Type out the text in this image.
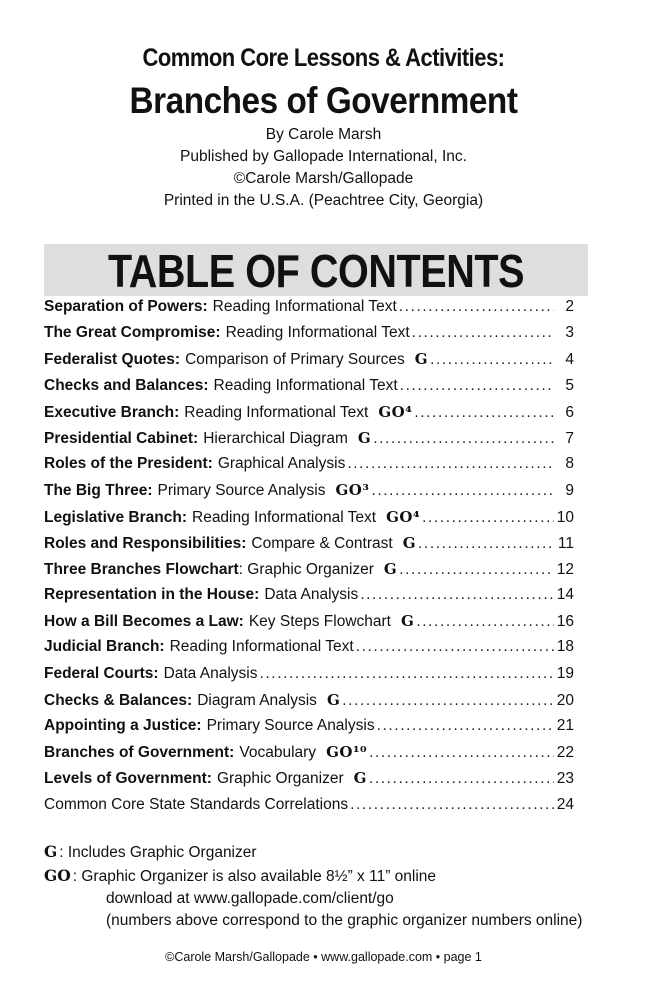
Common Core Lessons & Activities:
Branches of Government
By Carole Marsh
Published by Gallopade International, Inc.
©Carole Marsh/Gallopade
Printed in the U.S.A. (Peachtree City, Georgia)
TABLE OF CONTENTS
Separation of Powers: Reading Informational Text .....	2
The Great Compromise: Reading Informational Text .....	3
Federalist Quotes: Comparison of Primary Sources G .....	4
Checks and Balances: Reading Informational Text .....	5
Executive Branch: Reading Informational Text GO⁴ .....	6
Presidential Cabinet: Hierarchical Diagram G .....	7
Roles of the President: Graphical Analysis .....	8
The Big Three: Primary Source Analysis GO³ .....	9
Legislative Branch: Reading Informational Text GO⁴ .....	10
Roles and Responsibilities: Compare & Contrast G .....	11
Three Branches Flowchart : Graphic Organizer G .....	12
Representation in the House: Data Analysis .....	14
How a Bill Becomes a Law: Key Steps Flowchart G .....	16
Judicial Branch: Reading Informational Text .....	18
Federal Courts: Data Analysis .....	19
Checks & Balances: Diagram Analysis G .....	20
Appointing a Justice: Primary Source Analysis .....	21
Branches of Government: Vocabulary GO¹⁰ .....	22
Levels of Government: Graphic Organizer G .....	23
Common Core State Standards Correlations .....	24
G : Includes Graphic Organizer
GO : Graphic Organizer is also available 8½” x 11” online
download at www.gallopade.com/client/go
(numbers above correspond to the graphic organizer numbers online)
©Carole Marsh/Gallopade • www.gallopade.com • page 1
